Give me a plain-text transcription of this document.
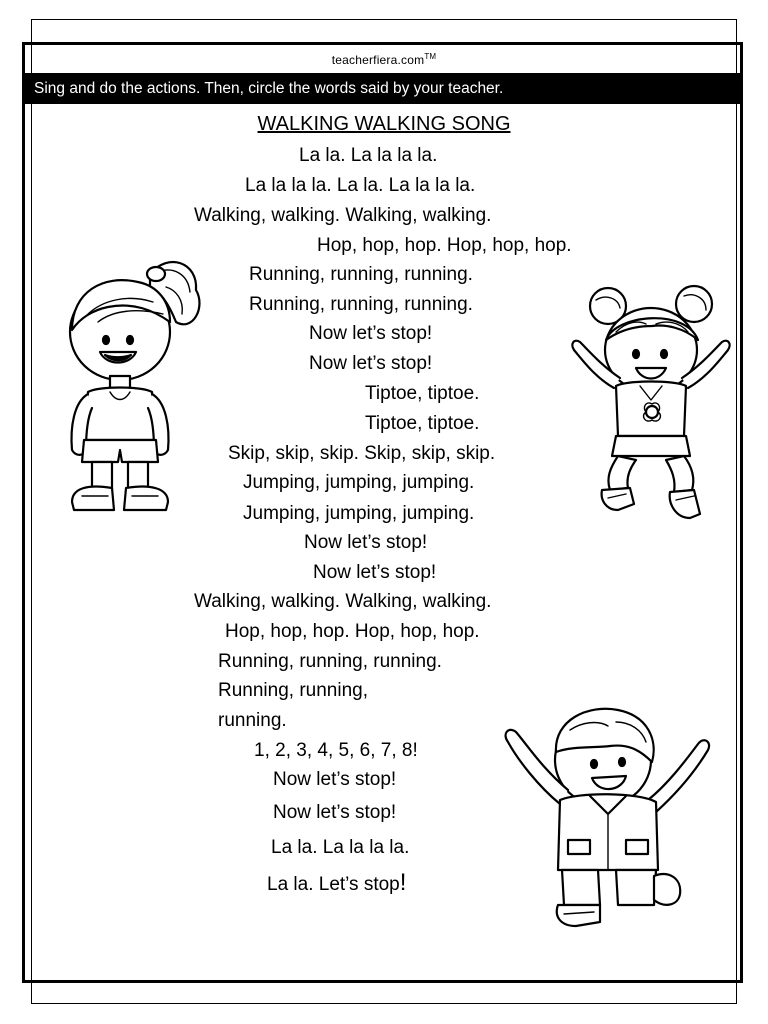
teacherfiera.com™
Sing and do the actions. Then, circle the words said by your teacher.
WALKING WALKING SONG
La la. La la la la.
La la la la. La la. La la la la.
Walking, walking. Walking, walking.
Hop, hop, hop. Hop, hop, hop.
Running, running, running.
Running, running, running.
Now let’s stop!
Now let’s stop!
Tiptoe, tiptoe.
Tiptoe, tiptoe.
Skip, skip, skip. Skip, skip, skip.
Jumping, jumping, jumping.
Jumping, jumping, jumping.
Now let’s stop!
Now let’s stop!
Walking, walking. Walking, walking.
Hop, hop, hop. Hop, hop, hop.
Running, running, running.
Running, running,
running.
1, 2, 3, 4, 5, 6, 7, 8!
Now let’s stop!
Now let’s stop!
La la. La la la la.
La la. Let’s stop!
